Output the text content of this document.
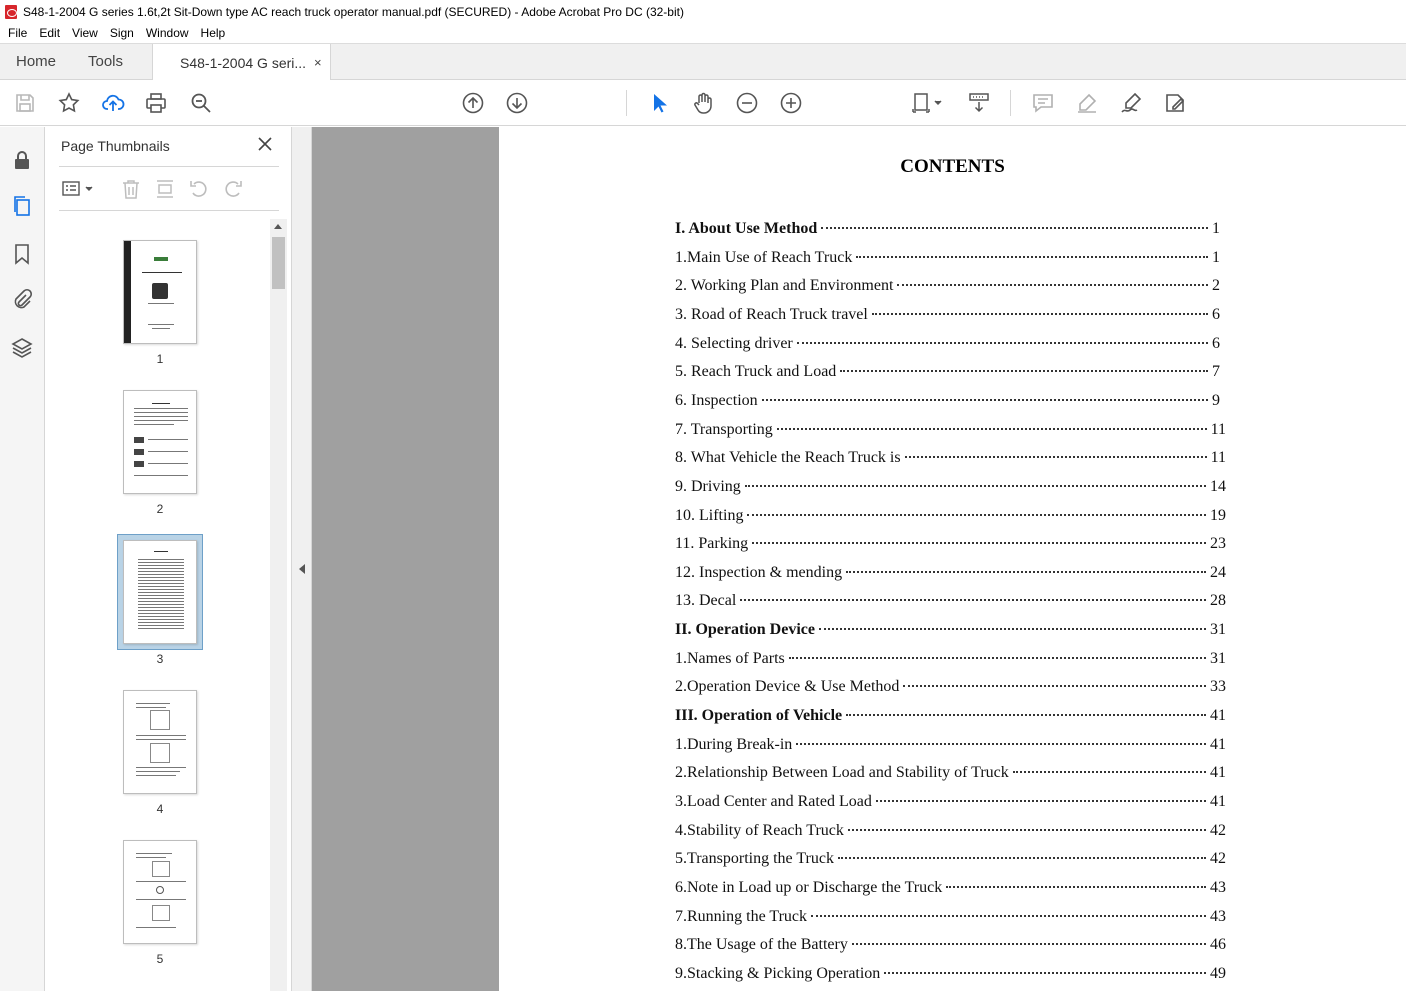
S48-1-2004 G series 1.6t,2t Sit-Down type AC reach truck operator manual.pdf (SECURED) - Adobe Acrobat Pro DC (32-bit)
File Edit View Sign Window Help
Home Tools	S48-1-2004 G seri... ×
3
Page Thumbnails
1
2
3
4
5
CONTENTS
I. About Use Method	1
1.Main Use of Reach Truck	1
2. Working Plan and Environment	2
3. Road of Reach Truck travel	6
4. Selecting driver	6
5. Reach Truck and Load	7
6. Inspection	9
7. Transporting	11
8. What Vehicle the Reach Truck is	11
9. Driving	14
10. Lifting	19
11. Parking	23
12. Inspection & mending	24
13. Decal	28
II. Operation Device	31
1.Names of Parts	31
2.Operation Device & Use Method	33
III. Operation of Vehicle	41
1.During Break-in	41
2.Relationship Between Load and Stability of Truck	41
3.Load Center and Rated Load	41
4.Stability of Reach Truck	42
5.Transporting the Truck	42
6.Note in Load up or Discharge the Truck	43
7.Running the Truck	43
8.The Usage of the Battery	46
9.Stacking & Picking Operation	49
